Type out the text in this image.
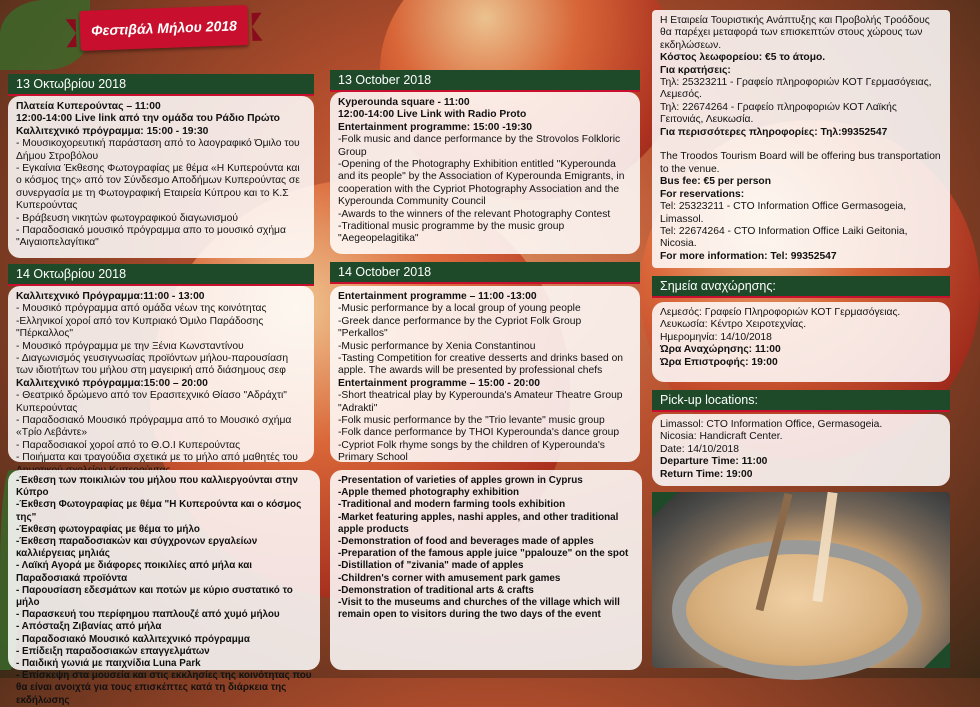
Φεστιβάλ Μήλου 2018
13 Οκτωβρίου 2018
Πλατεία Κυπερούντας – 11:00
12:00-14:00 Live link από την ομάδα του Ράδιο Πρώτο
Καλλιτεχνικό πρόγραμμα: 15:00 - 19:30
- Μουσικοχορευτική παράσταση από το λαογραφικό Όμιλο του Δήμου Στροβόλου
- Εγκαίνια Έκθεσης Φωτογραφίας με θέμα «Η Κυπερούντα και ο κόσμος της» από τον Σύνδεσμο Αποδήμων Κυπερούντας σε συνεργασία με τη Φωτογραφική Εταιρεία Κύπρου και το Κ.Σ Κυπερούντας
- Βράβευση νικητών φωτογραφικού διαγωνισμού
- Παραδοσιακό μουσικό πρόγραμμα απο το μουσικό σχήμα "Αιγαιοπελαγίτικα"
14 Οκτωβρίου 2018
Καλλιτεχνικό Πρόγραμμα:11:00 - 13:00
- Μουσικό πρόγραμμα από ομάδα νέων της κοινότητας
-Ελληνικοί χοροί από τον Κυπριακό Όμιλο Παράδοσης "Πέρκαλλος"
- Μουσικό πρόγραμμα με την Ξένια Κωνσταντίνου
- Διαγωνισμός γευσιγνωσίας προϊόντων μήλου-παρουσίαση των ιδιοτήτων του μήλου στη μαγειρική από διάσημους σεφ
Καλλιτεχνικό πρόγραμμα:15:00 – 20:00
- Θεατρικό δρώμενο από τον Ερασιτεχνικό Θίασο "Αδράχτι" Κυπερούντας
- Παραδοσιακό Μουσικό πρόγραμμα από το Μουσικό σχήμα «Τρίο Λεβάντε»
- Παραδοσιακοί χοροί από το Θ.Ο.Ι Κυπερούντας
- Ποιήματα και τραγούδια σχετικά με το μήλο από μαθητές του
-Έκθεση των ποικιλιών του μήλου που καλλιεργούνται στην Κύπρο
-Έκθεση Φωτογραφίας με θέμα "Η Κυπερούντα και ο κόσμος της"
-Έκθεση φωτογραφίας με θέμα το μήλο
-Έκθεση παραδοσιακών και σύγχρονων εργαλείων καλλιέργειας μηλιάς
- Λαϊκή Αγορά με διάφορες ποικιλίες από μήλα και Παραδοσιακά προϊόντα
- Παρουσίαση εδεσμάτων και ποτών με κύριο συστατικό το μήλο
- Παρασκευή του περίφημου παπλουζέ από χυμό μήλου
- Απόσταξη Ζιβανίας από μήλα
- Παραδοσιακό Μουσικό καλλιτεχνικό πρόγραμμα
- Επίδειξη παραδοσιακών επαγγελμάτων
- Παιδική γωνιά με παιχνίδια Luna Park
- Επίσκεψη στα μουσεία και στις εκκλησίες της κοινότητας που θα είναι ανοιχτά για τους επισκέπτες κατά τη διάρκεια της εκδήλωσης
13 October 2018
Kyperounda square - 11:00
12:00-14:00 Live Link with Radio Proto
Entertainment programme: 15:00 -19:30
-Folk music and dance performance by the Strovolos Folkloric Group
-Opening of the Photography Exhibition entitled "Kyperounda and its people" by the Association of Kyperounda Emigrants, in cooperation with the Cypriot Photography Association and the Kyperounda Community Council
-Awards to the winners of the relevant Photography Contest
-Traditional music programme by the music group "Aegeopelagitika"
14 October 2018
Entertainment programme – 11:00 -13:00
-Music performance by a local group of young people
-Greek dance performance by the Cypriot Folk Group "Perkallos"
-Music performance by Xenia Constantinou
-Tasting Competition for creative desserts and drinks based on apple. The awards will be presented by professional chefs
Entertainment programme – 15:00 - 20:00
-Short theatrical play by Kyperounda's Amateur Theatre Group "Adrakti"
-Folk music performance by the "Trio levante" music group
-Folk dance performance by THOI Kyperounda's dance group
-Cypriot Folk rhyme songs by the children of Kyperounda's Primary School
-Presentation of varieties of apples grown in Cyprus
-Apple themed photography exhibition
-Traditional and modern farming tools exhibition
-Market featuring apples, nashi apples, and other traditional apple products
-Demonstration of food and beverages made of apples
-Preparation of the famous apple juice "ppalouze" on the spot
-Distillation of "zivania" made of apples
-Children's corner with amusement park games
-Demonstration of traditional arts & crafts
-Visit to the museums and churches of the village which will remain open to visitors during the two days of the event
Η Εταιρεία Τουριστικής Ανάπτυξης και Προβολής Τροόδους θα παρέχει μεταφορά των επισκεπτών στους χώρους των εκδηλώσεων.
Κόστος λεωφορείου: €5 το άτομο.
Για κρατήσεις:
Τηλ: 25323211 - Γραφείο πληροφοριών ΚΟΤ Γερμασόγειας, Λεμεσός.
Τηλ: 22674264 - Γραφείο πληροφοριών ΚΟΤ Λαϊκής Γειτονιάς, Λευκωσία.
Για περισσότερες πληροφορίες: Τηλ:99352547

The Troodos Tourism Board will be offering bus transportation to the venue.
Bus fee: €5 per person
For reservations:
Tel: 25323211 - CTO Information Office Germasogeia, Limassol.
Tel: 22674264 - CTO Information Office Laiki Geitonia, Nicosia.
For more information: Tel: 99352547
Σημεία αναχώρησης:
Λεμεσός: Γραφείο Πληροφοριών ΚΟΤ Γερμασόγειας.
Λευκωσία: Κέντρο Χειροτεχνίας.
Ημερομηνία: 14/10/2018
Ώρα Αναχώρησης: 11:00
Ώρα Επιστροφής: 19:00
Pick-up locations:
Limassol: CTO Information Office, Germasogeia.
Nicosia: Handicraft Center.
Date: 14/10/2018
Departure Time: 11:00
Return Time: 19:00
